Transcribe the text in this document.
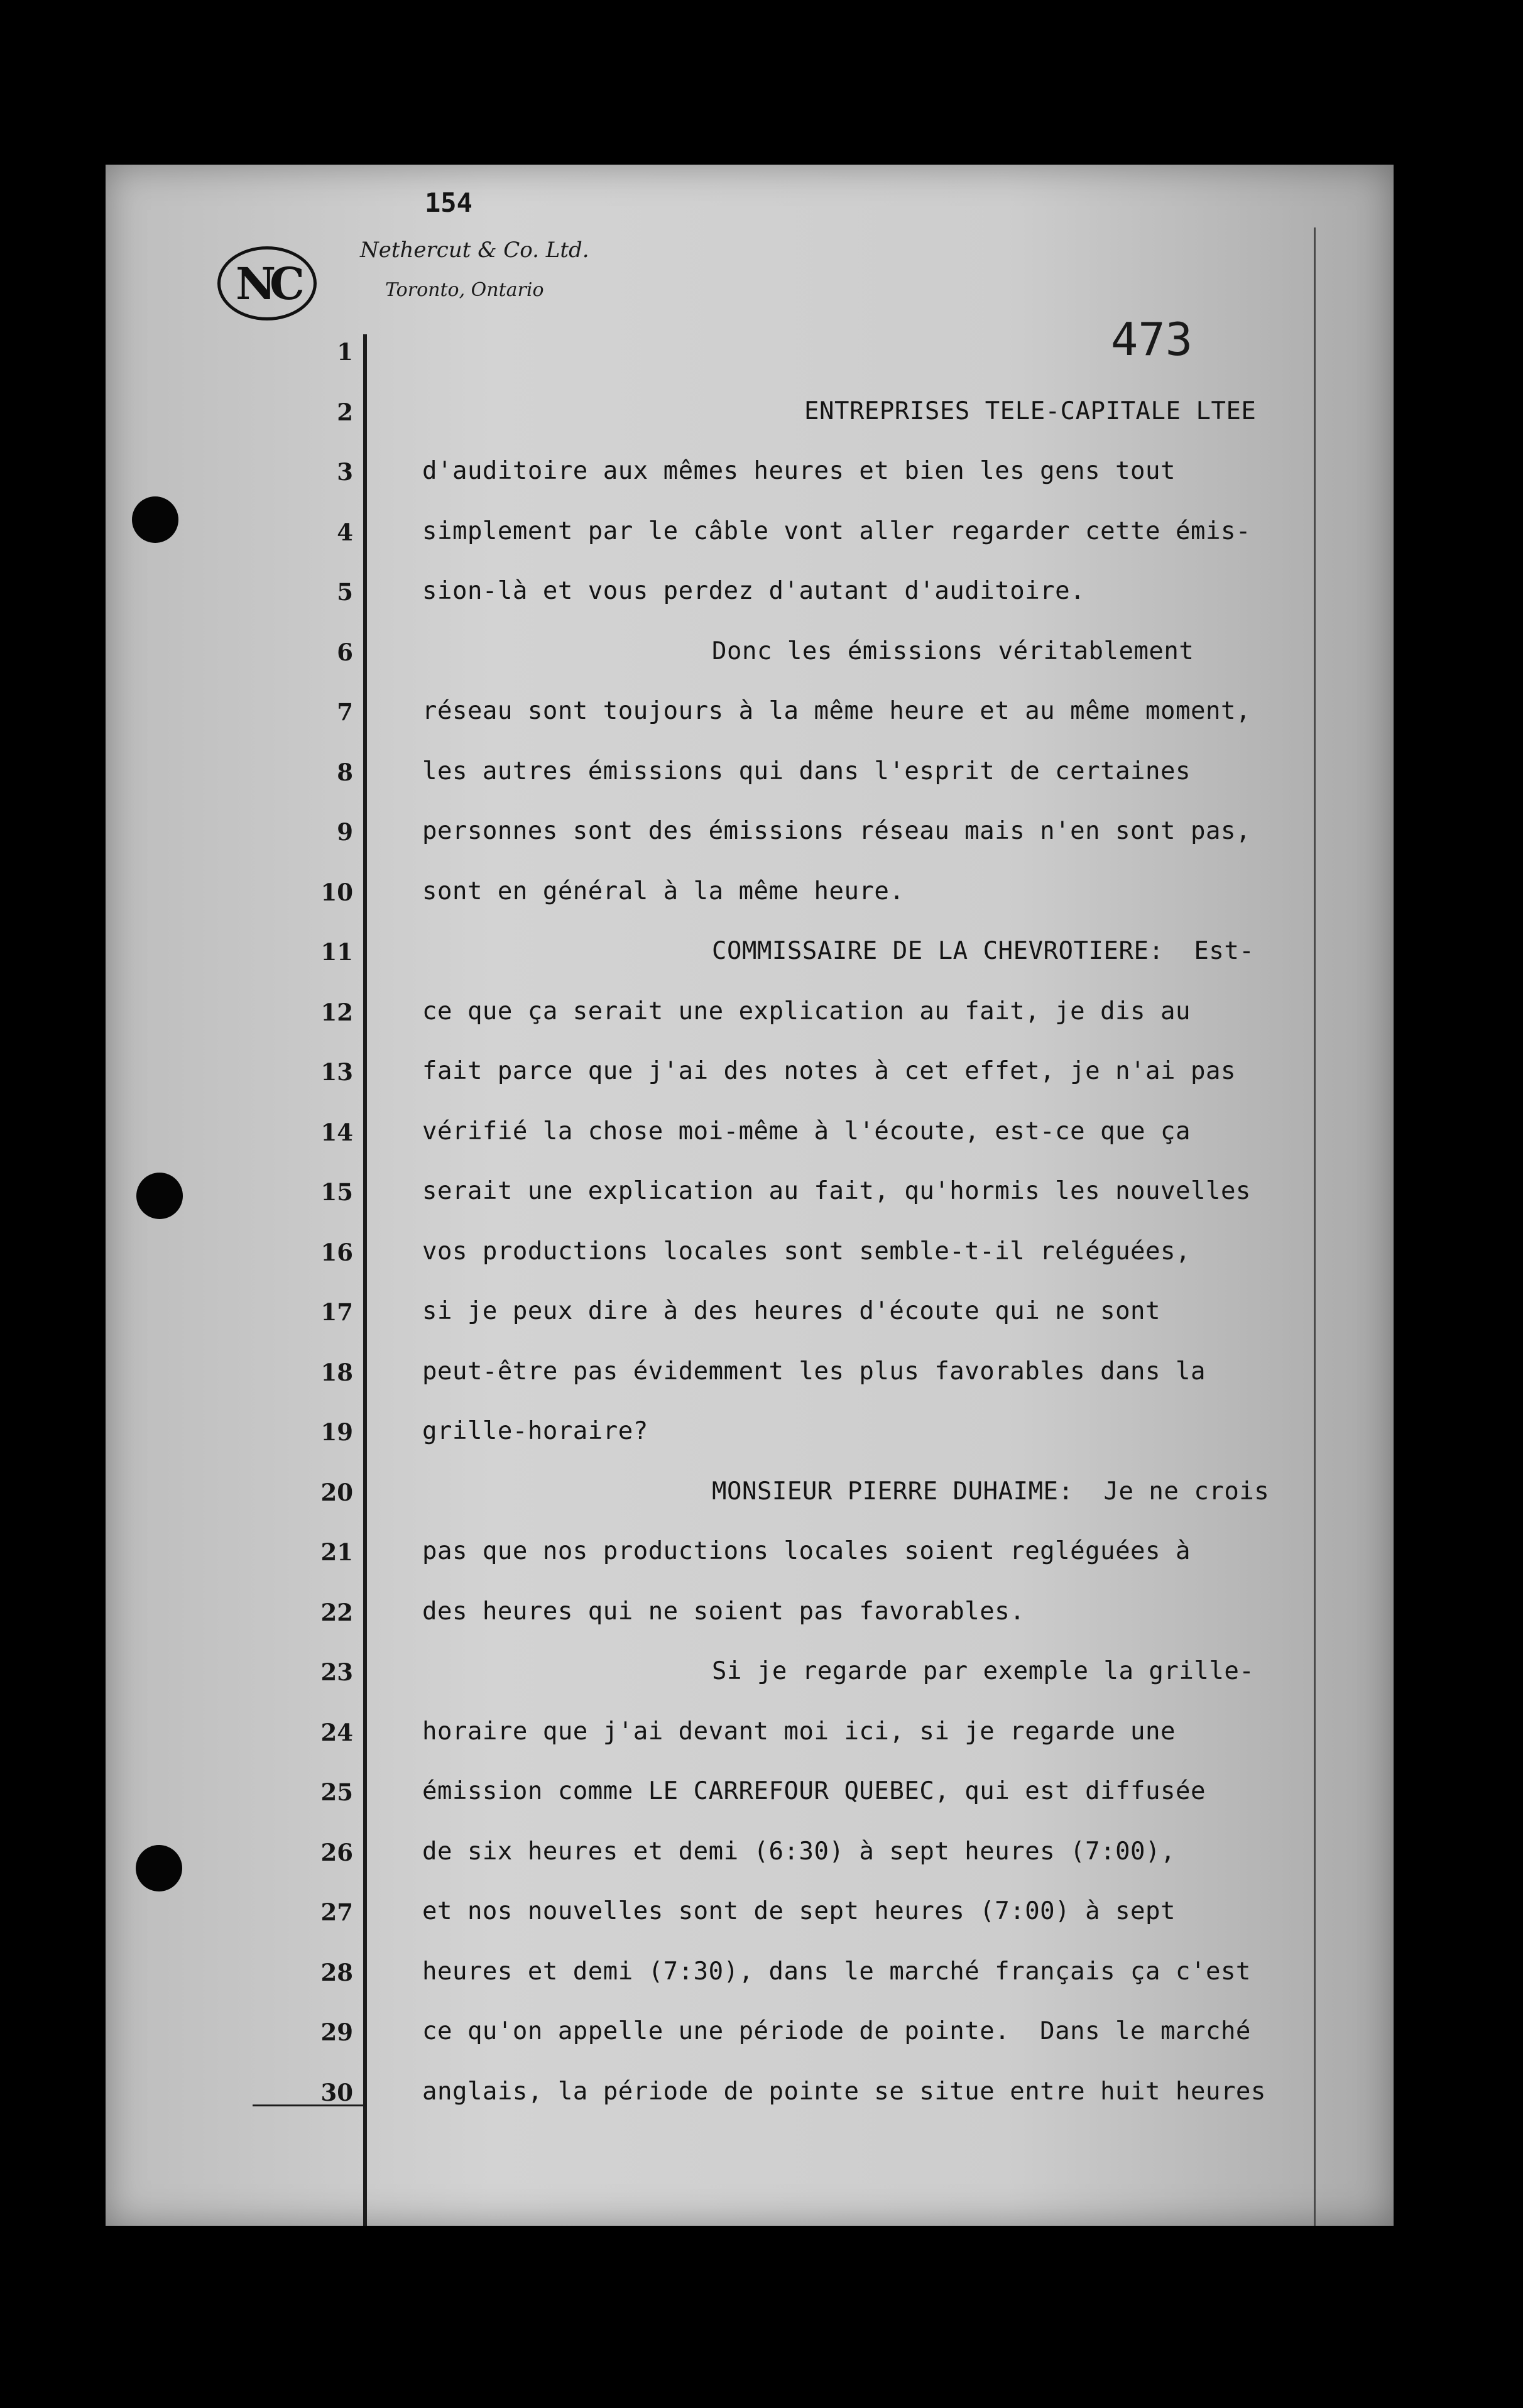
154
NC
Nethercut & Co. Ltd.
Toronto, Ontario
473
1
2
3
4
5
6
7
8
9
10
11
12
13
14
15
16
17
18
19
20
21
22
23
24
25
26
27
28
29
30
ENTREPRISES TELE-CAPITALE LTEE
d'auditoire aux mêmes heures et bien les gens tout
simplement par le câble vont aller regarder cette émis-
sion-là et vous perdez d'autant d'auditoire.
Donc les émissions véritablement
réseau sont toujours à la même heure et au même moment,
les autres émissions qui dans l'esprit de certaines
personnes sont des émissions réseau mais n'en sont pas,
sont en général à la même heure.
COMMISSAIRE DE LA CHEVROTIERE:  Est-
ce que ça serait une explication au fait, je dis au
fait parce que j'ai des notes à cet effet, je n'ai pas
vérifié la chose moi-même à l'écoute, est-ce que ça
serait une explication au fait, qu'hormis les nouvelles
vos productions locales sont semble-t-il reléguées,
si je peux dire à des heures d'écoute qui ne sont
peut-être pas évidemment les plus favorables dans la
grille-horaire?
MONSIEUR PIERRE DUHAIME:  Je ne crois
pas que nos productions locales soient regléguées à
des heures qui ne soient pas favorables.
Si je regarde par exemple la grille-
horaire que j'ai devant moi ici, si je regarde une
émission comme LE CARREFOUR QUEBEC, qui est diffusée
de six heures et demi (6:30) à sept heures (7:00),
et nos nouvelles sont de sept heures (7:00) à sept
heures et demi (7:30), dans le marché français ça c'est
ce qu'on appelle une période de pointe.  Dans le marché
anglais, la période de pointe se situe entre huit heures
